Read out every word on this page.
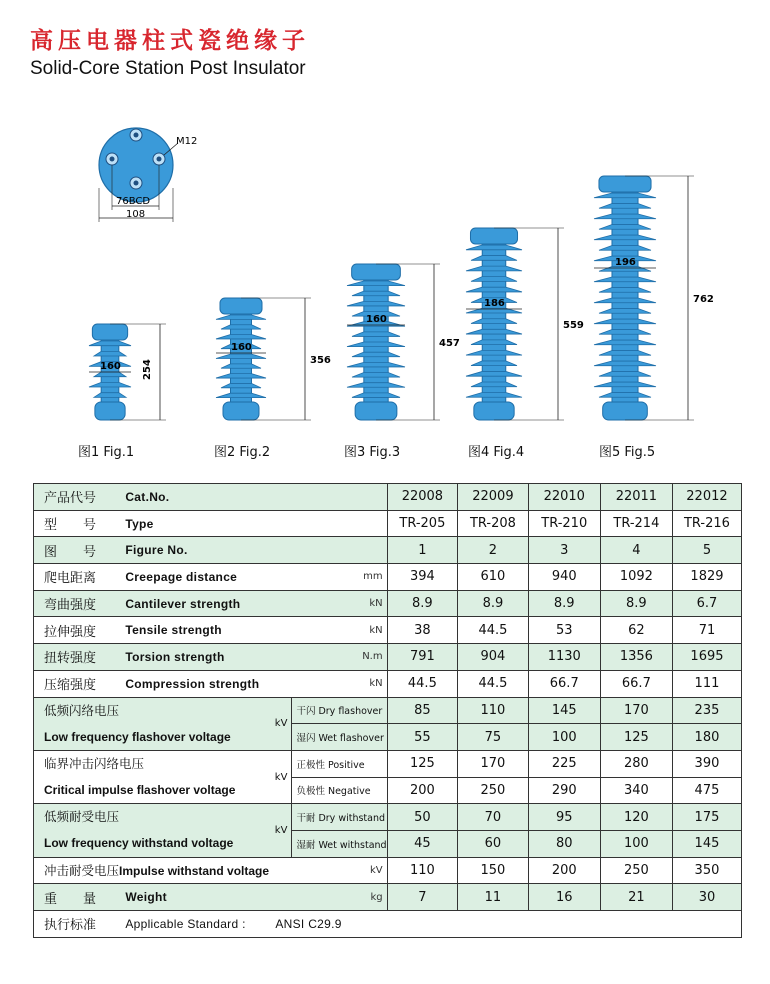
高压电器柱式瓷绝缘子
Solid-Core Station Post Insulator
M12
76BCD
108
160 254
160
356
160
457
186
559
196
762
图1 Fig.1	图2 Fig.2	图3 Fig.3	图4 Fig.4	图5 Fig.5
产品代号	Cat.No.			22008	22009	22010	22011	22012
型　　号	Type			TR-205	TR-208	TR-210	TR-214	TR-216
图　　号	Figure No.			1	2	3	4	5
爬电距离	Creepage distance		mm	394	610	940	1092	1829
弯曲强度	Cantilever strength		kN	8.9	8.9	8.9	8.9	6.7
拉伸强度	Tensile strength		kN	38	44.5	53	62	71
扭转强度	Torsion strength		N.m	791	904	1130	1356	1695
压缩强度	Compression strength		kN	44.5	44.5	66.7	66.7	111

低频闪络电压
Low frequency flashover voltage		kV	干闪 Dry flashover	85	110	145	170	235
			湿闪 Wet flashover	55	75	100	125	180

临界冲击闪络电压
Critical impulse flashover voltage		kV	正极性 Positive	125	170	225	280	390
			负极性 Negative	200	250	290	340	475

低频耐受电压
Low frequency withstand voltage		kV	干耐 Dry withstand	50	70	95	120	175
			湿耐 Wet withstand	45	60	80	100	145
冲击耐受电压Impulse withstand voltage		kV		110	150	200	250	350
重　　量	Weight		kg	7	11	16	21	30
执行标准	Applicable Standard : ANSI C29.9							
